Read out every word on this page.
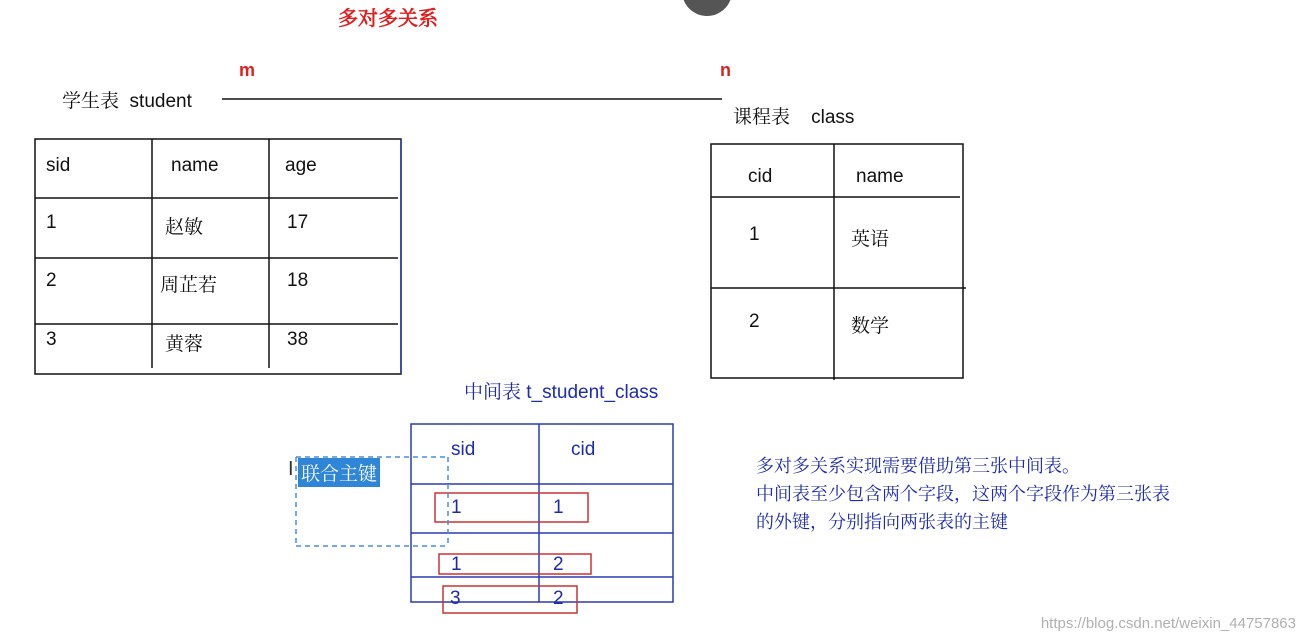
多对多关系
m	n
学生表  student
课程表    class
sid	name	age
1	赵敏	17
2	周芷若	18
3	黄蓉	38
cid	name
1	英语
2	数学
中间表 t_student_class
sid	cid
1	1
1	2
3	2
I 联合主键	多对多关系实现需要借助第三张中间表。
中间表至少包含两个字段，这两个字段作为第三张表
的外键，分别指向两张表的主键
https://blog.csdn.net/weixin_44757863
